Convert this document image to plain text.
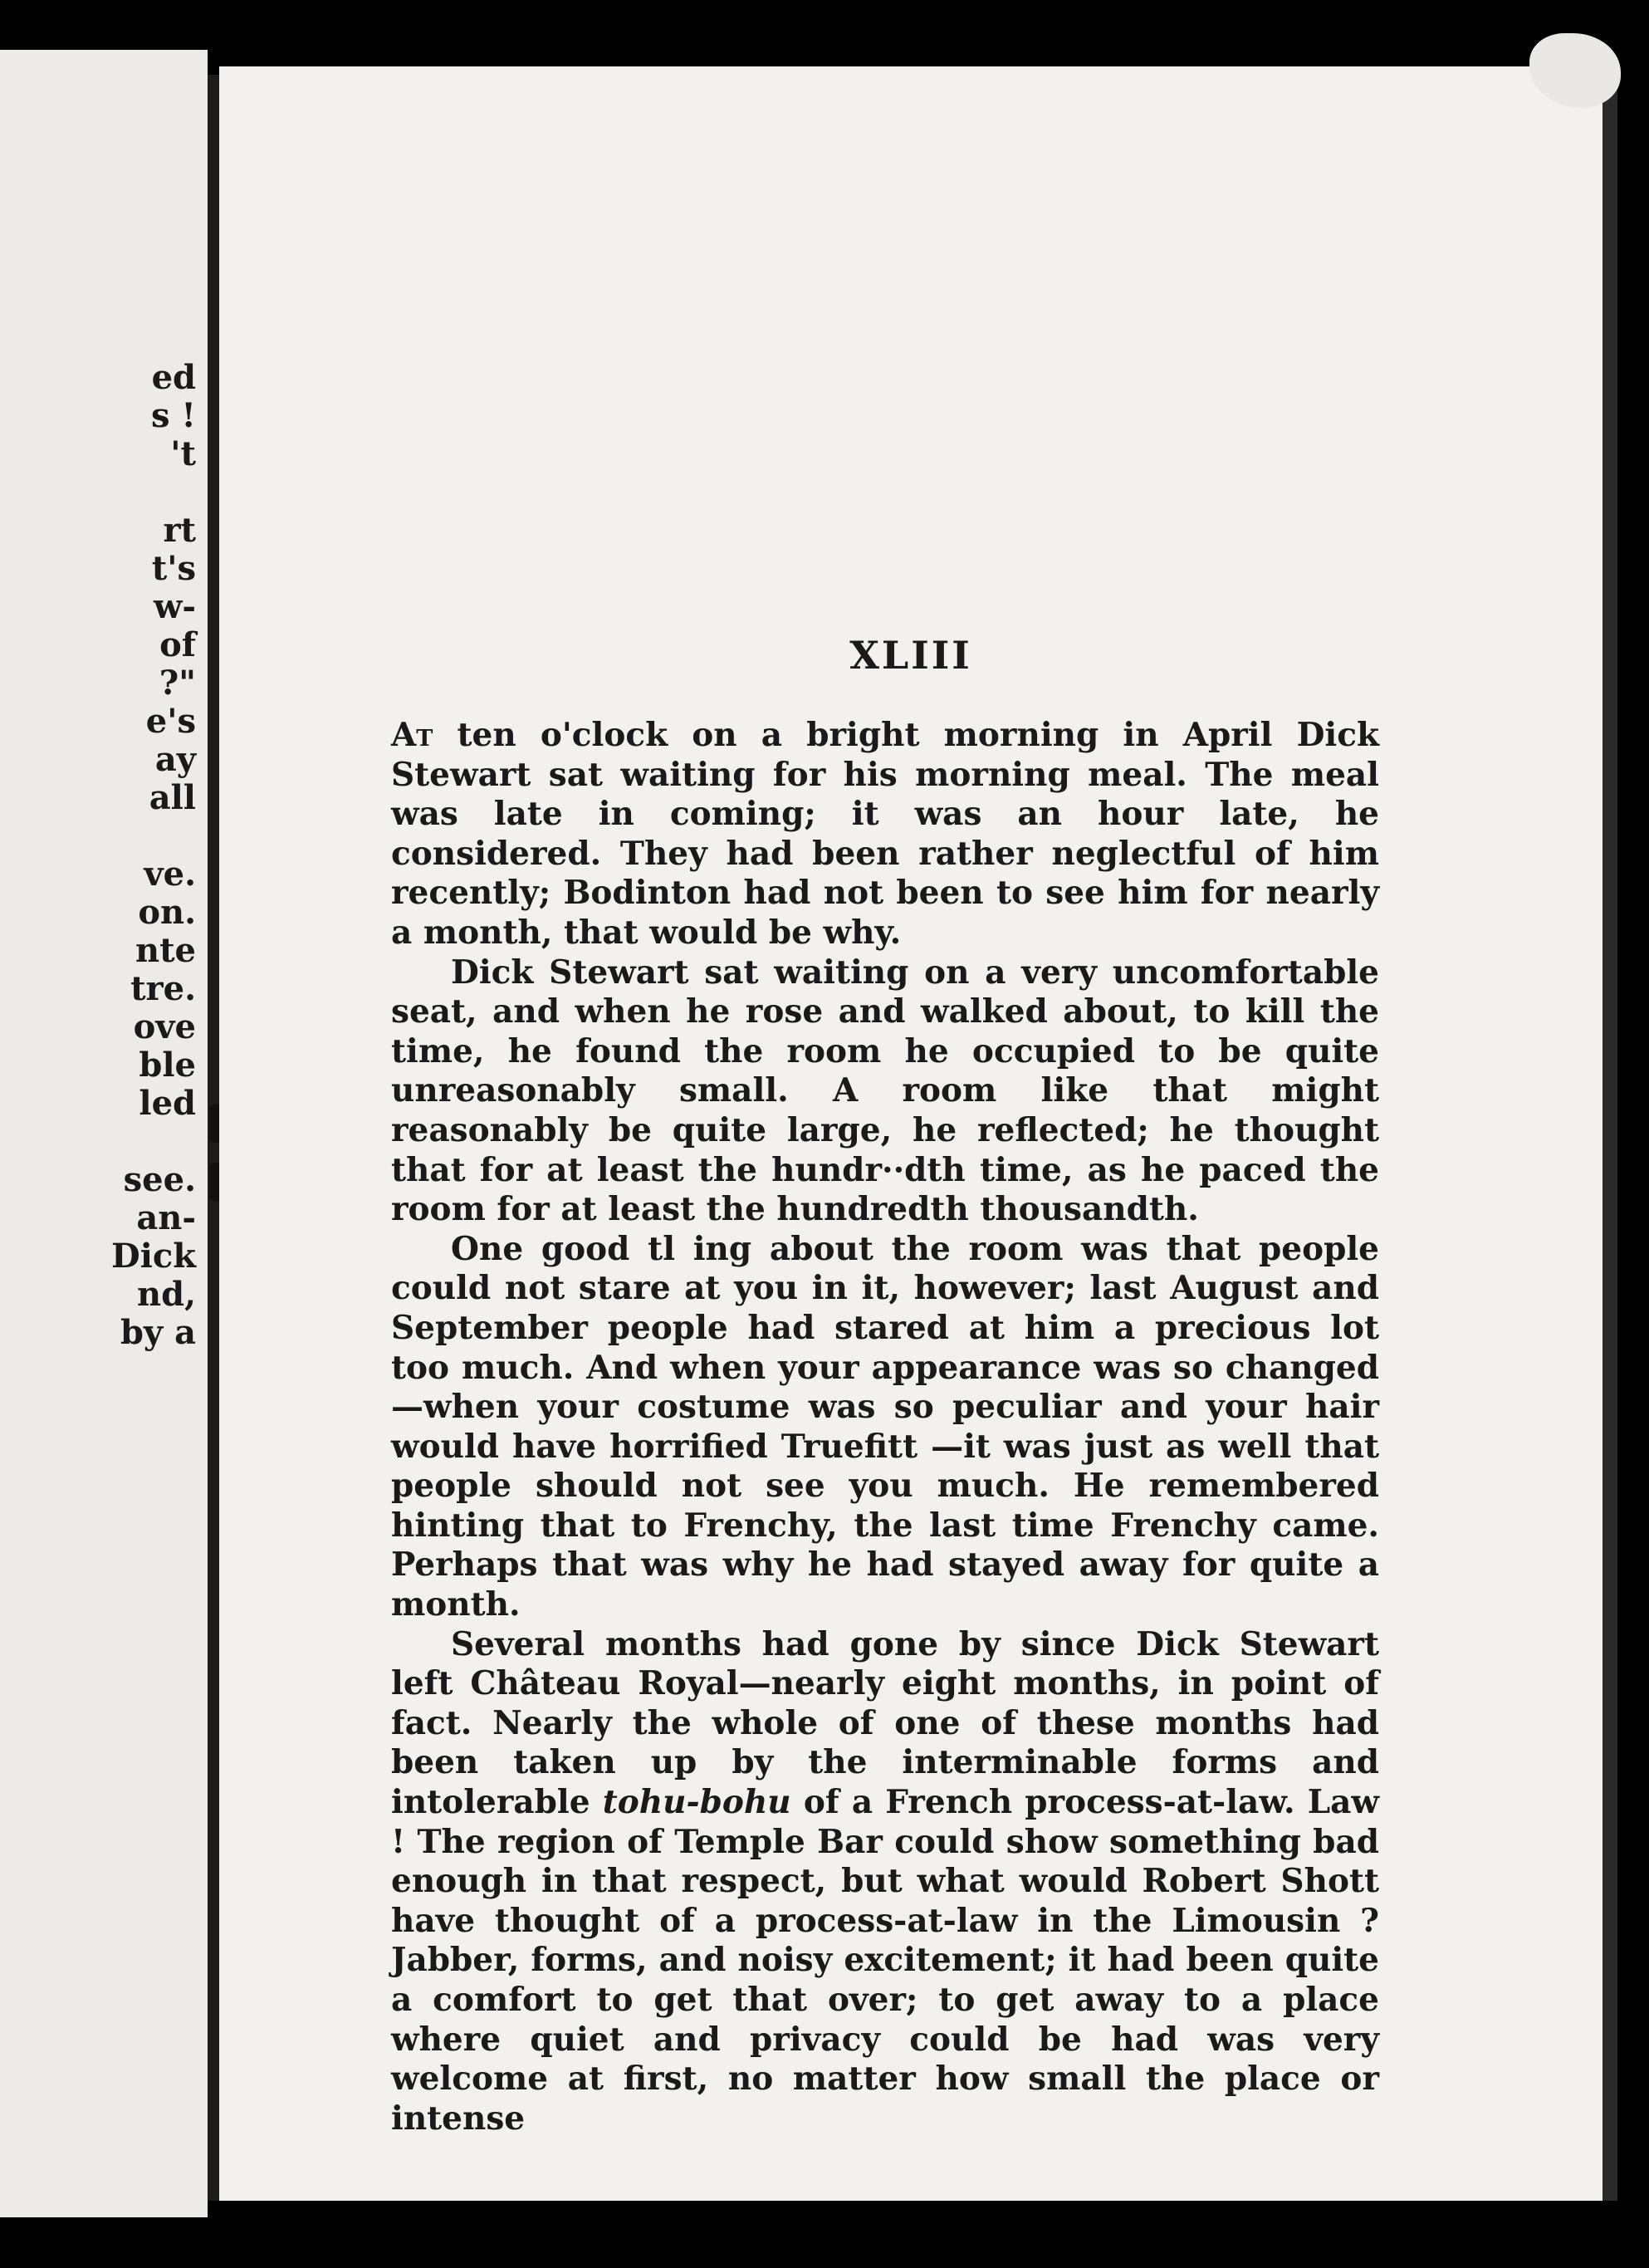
ed
s !
't
rt
t's
w-
of
?"
e's
ay
all
ve.
on.
nte
tre.
ove
ble
led
see.
an-
Dick
nd,
by a
XLIII

At ten o'clock on a bright morning in April Dick Stewart sat waiting for his morning meal. The meal was late in coming; it was an hour late, he considered. They had been rather neglectful of him recently; Bodinton had not been to see him for nearly a month, that would be why.

Dick Stewart sat waiting on a very uncomfortable seat, and when he rose and walked about, to kill the time, he found the room he occupied to be quite unreasonably small. A room like that might reasonably be quite large, he reflected; he thought that for at least the hundr··dth time, as he paced the room for at least the hundredth thousandth.

One good tl ing about the room was that people could not stare at you in it, however; last August and September people had stared at him a precious lot too much. And when your appearance was so changed—when your costume was so peculiar and your hair would have horrified Truefitt —it was just as well that people should not see you much. He remembered hinting that to Frenchy, the last time Frenchy came. Perhaps that was why he had stayed away for quite a month.

Several months had gone by since Dick Stewart left Château Royal—nearly eight months, in point of fact. Nearly the whole of one of these months had been taken up by the interminable forms and intolerable tohu-bohu of a French process-at-law. Law ! The region of Temple Bar could show something bad enough in that respect, but what would Robert Shott have thought of a process-at-law in the Limousin ? Jabber, forms, and noisy excitement; it had been quite a comfort to get that over; to get away to a place where quiet and privacy could be had was very welcome at first, no matter how small the place or intense
